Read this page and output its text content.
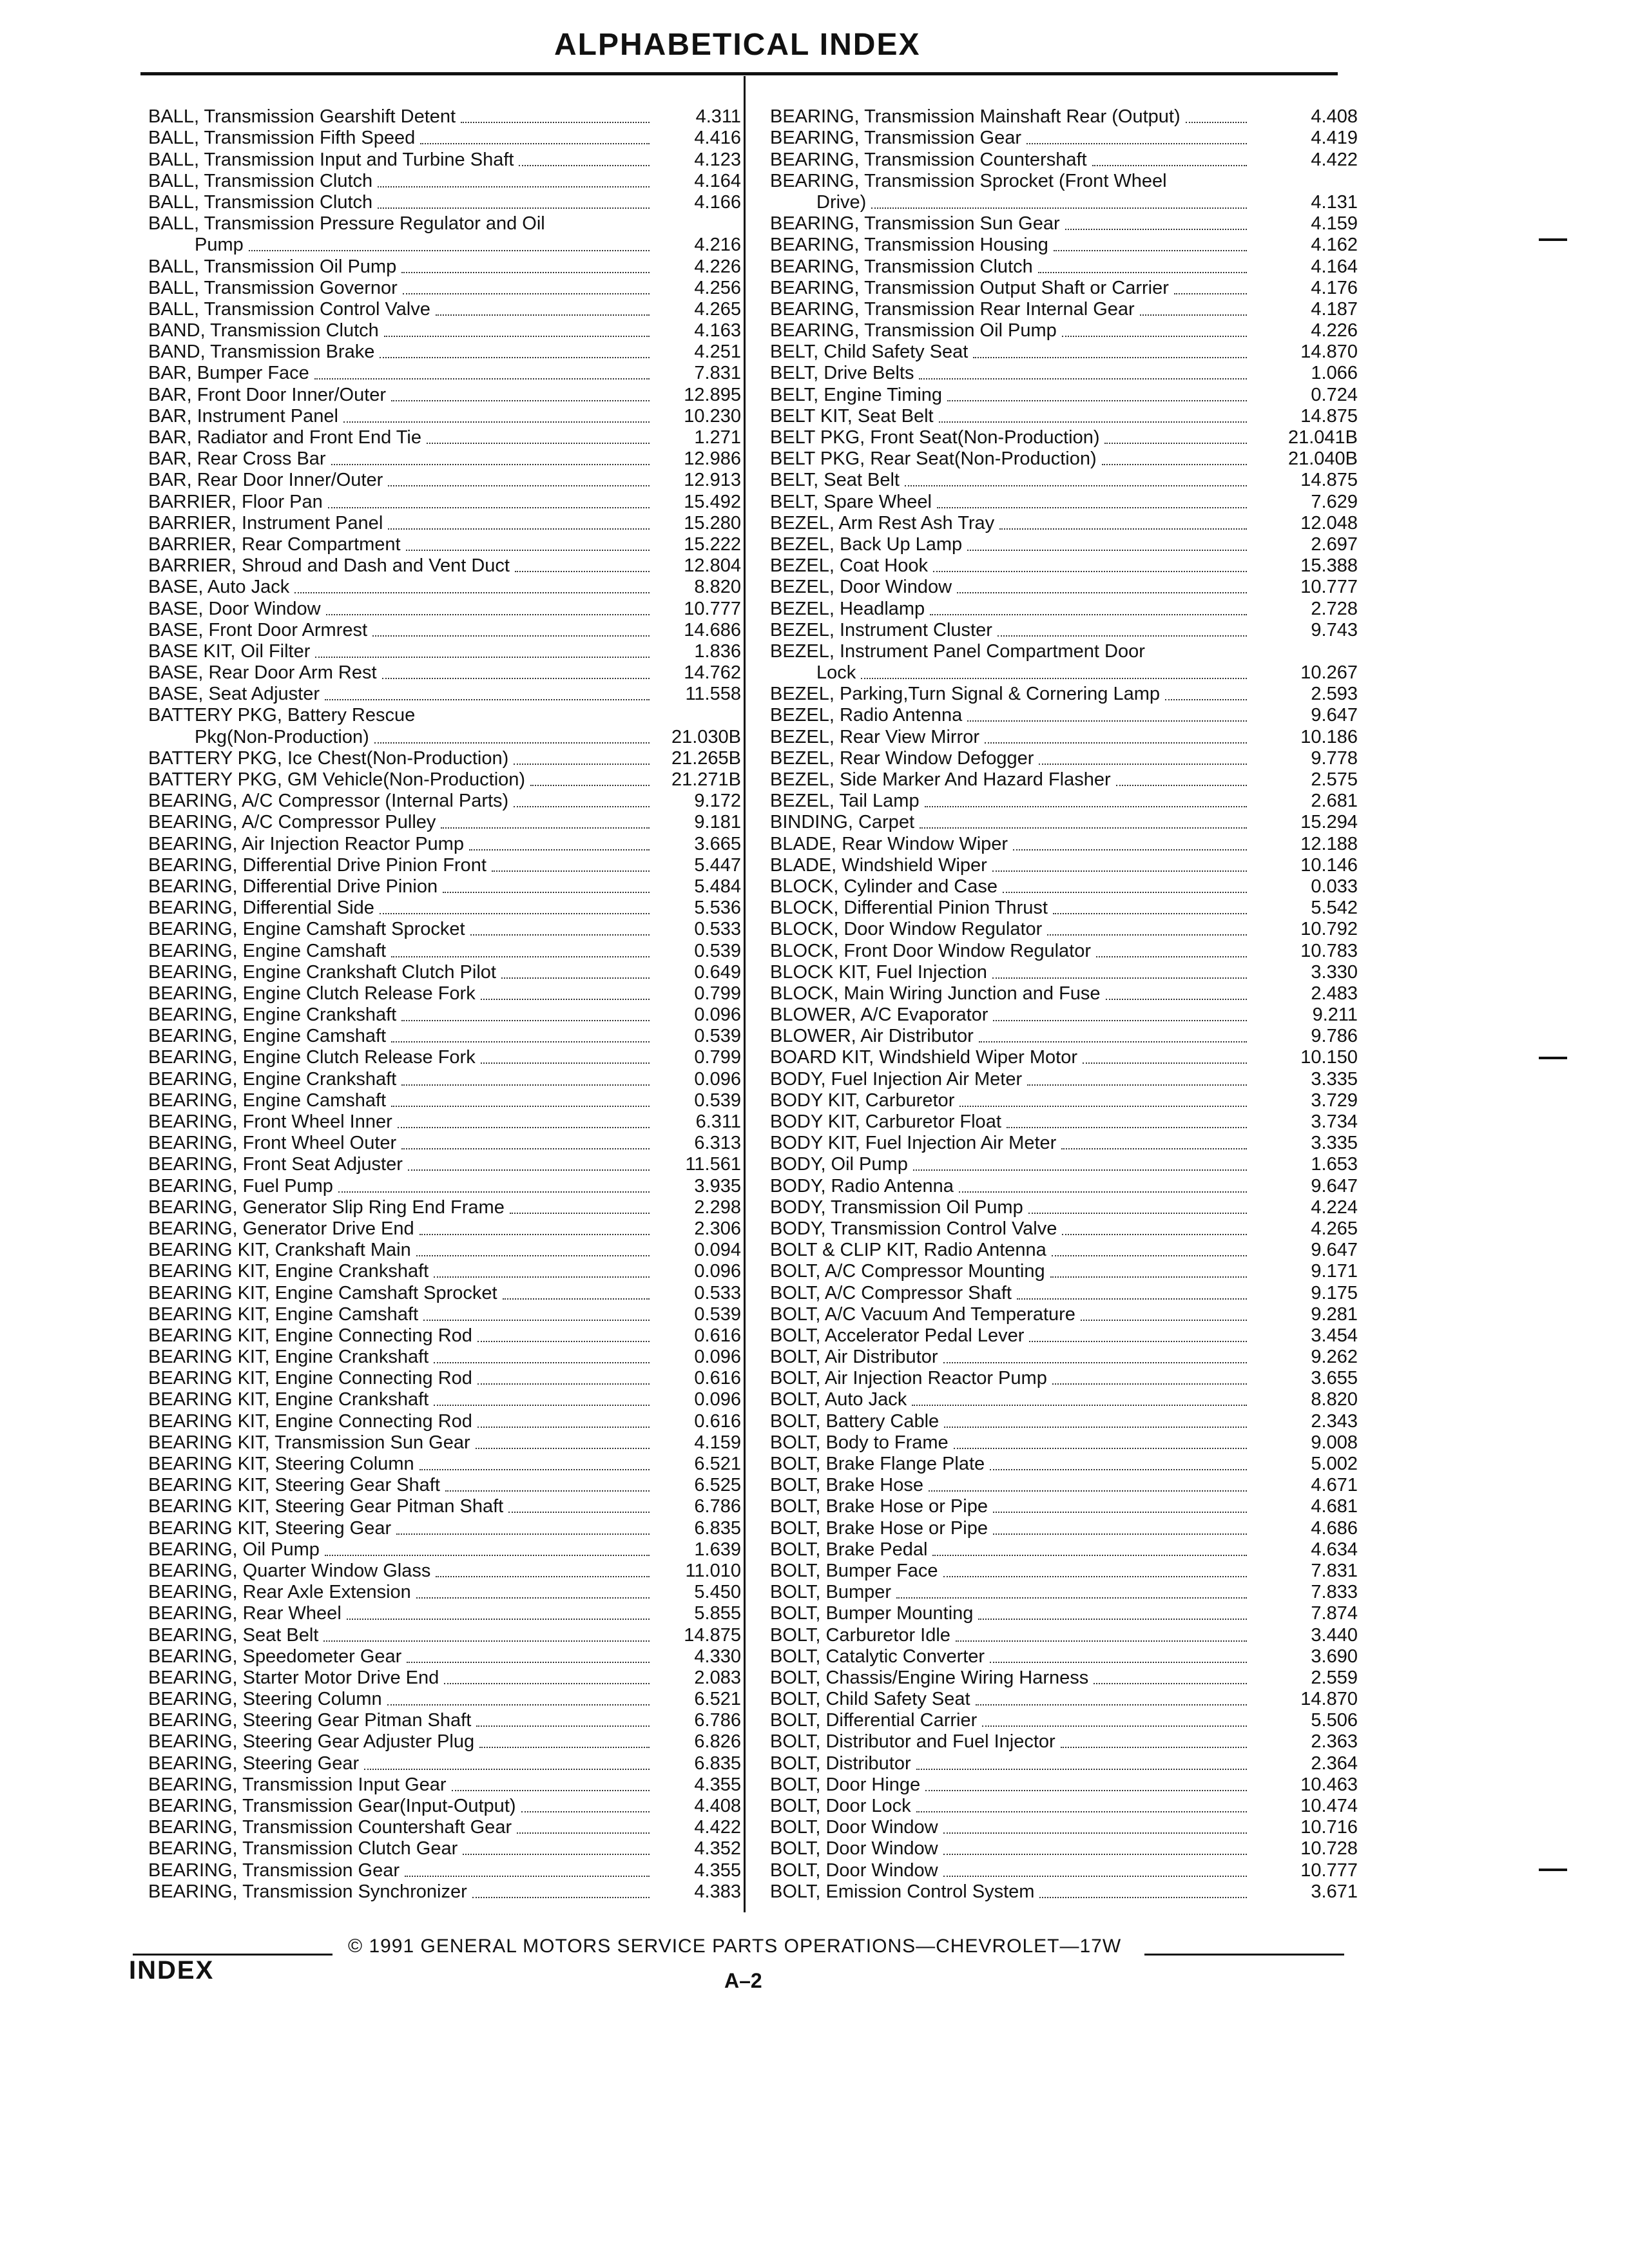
ALPHABETICAL INDEX
BALL, Transmission Gearshift Detent	4.311
BALL, Transmission Fifth Speed	4.416
BALL, Transmission Input and Turbine Shaft	4.123
BALL, Transmission Clutch	4.164
BALL, Transmission Clutch	4.166
BALL, Transmission Pressure Regulator and Oil
Pump	4.216
BALL, Transmission Oil Pump	4.226
BALL, Transmission Governor	4.256
BALL, Transmission Control Valve	4.265
BAND, Transmission Clutch	4.163
BAND, Transmission Brake	4.251
BAR, Bumper Face	7.831
BAR, Front Door Inner/Outer	12.895
BAR, Instrument Panel	10.230
BAR, Radiator and Front End Tie	1.271
BAR, Rear Cross Bar	12.986
BAR, Rear Door Inner/Outer	12.913
BARRIER, Floor Pan	15.492
BARRIER, Instrument Panel	15.280
BARRIER, Rear Compartment	15.222
BARRIER, Shroud and Dash and Vent Duct	12.804
BASE, Auto Jack	8.820
BASE, Door Window	10.777
BASE, Front Door Armrest	14.686
BASE KIT, Oil Filter	1.836
BASE, Rear Door Arm Rest	14.762
BASE, Seat Adjuster	11.558
BATTERY PKG, Battery Rescue
Pkg(Non-Production)	21.030B
BATTERY PKG, Ice Chest(Non-Production)	21.265B
BATTERY PKG, GM Vehicle(Non-Production)	21.271B
BEARING, A/C Compressor (Internal Parts)	9.172
BEARING, A/C Compressor Pulley	9.181
BEARING, Air Injection Reactor Pump	3.665
BEARING, Differential Drive Pinion Front	5.447
BEARING, Differential Drive Pinion	5.484
BEARING, Differential Side	5.536
BEARING, Engine Camshaft Sprocket	0.533
BEARING, Engine Camshaft	0.539
BEARING, Engine Crankshaft Clutch Pilot	0.649
BEARING, Engine Clutch Release Fork	0.799
BEARING, Engine Crankshaft	0.096
BEARING, Engine Camshaft	0.539
BEARING, Engine Clutch Release Fork	0.799
BEARING, Engine Crankshaft	0.096
BEARING, Engine Camshaft	0.539
BEARING, Front Wheel Inner	6.311
BEARING, Front Wheel Outer	6.313
BEARING, Front Seat Adjuster	11.561
BEARING, Fuel Pump	3.935
BEARING, Generator Slip Ring End Frame	2.298
BEARING, Generator Drive End	2.306
BEARING KIT, Crankshaft Main	0.094
BEARING KIT, Engine Crankshaft	0.096
BEARING KIT, Engine Camshaft Sprocket	0.533
BEARING KIT, Engine Camshaft	0.539
BEARING KIT, Engine Connecting Rod	0.616
BEARING KIT, Engine Crankshaft	0.096
BEARING KIT, Engine Connecting Rod	0.616
BEARING KIT, Engine Crankshaft	0.096
BEARING KIT, Engine Connecting Rod	0.616
BEARING KIT, Transmission Sun Gear	4.159
BEARING KIT, Steering Column	6.521
BEARING KIT, Steering Gear Shaft	6.525
BEARING KIT, Steering Gear Pitman Shaft	6.786
BEARING KIT, Steering Gear	6.835
BEARING, Oil Pump	1.639
BEARING, Quarter Window Glass	11.010
BEARING, Rear Axle Extension	5.450
BEARING, Rear Wheel	5.855
BEARING, Seat Belt	14.875
BEARING, Speedometer Gear	4.330
BEARING, Starter Motor Drive End	2.083
BEARING, Steering Column	6.521
BEARING, Steering Gear Pitman Shaft	6.786
BEARING, Steering Gear Adjuster Plug	6.826
BEARING, Steering Gear	6.835
BEARING, Transmission Input Gear	4.355
BEARING, Transmission Gear(Input-Output)	4.408
BEARING, Transmission Countershaft Gear	4.422
BEARING, Transmission Clutch Gear	4.352
BEARING, Transmission Gear	4.355
BEARING, Transmission Synchronizer	4.383
BEARING, Transmission Mainshaft Rear (Output)	4.408
BEARING, Transmission Gear	4.419
BEARING, Transmission Countershaft	4.422
BEARING, Transmission Sprocket (Front Wheel
Drive)	4.131
BEARING, Transmission Sun Gear	4.159
BEARING, Transmission Housing	4.162
BEARING, Transmission Clutch	4.164
BEARING, Transmission Output Shaft or Carrier	4.176
BEARING, Transmission Rear Internal Gear	4.187
BEARING, Transmission Oil Pump	4.226
BELT, Child Safety Seat	14.870
BELT, Drive Belts	1.066
BELT, Engine Timing	0.724
BELT KIT, Seat Belt	14.875
BELT PKG, Front Seat(Non-Production)	21.041B
BELT PKG, Rear Seat(Non-Production)	21.040B
BELT, Seat Belt	14.875
BELT, Spare Wheel	7.629
BEZEL, Arm Rest Ash Tray	12.048
BEZEL, Back Up Lamp	2.697
BEZEL, Coat Hook	15.388
BEZEL, Door Window	10.777
BEZEL, Headlamp	2.728
BEZEL, Instrument Cluster	9.743
BEZEL, Instrument Panel Compartment Door
Lock	10.267
BEZEL, Parking,Turn Signal & Cornering Lamp	2.593
BEZEL, Radio Antenna	9.647
BEZEL, Rear View Mirror	10.186
BEZEL, Rear Window Defogger	9.778
BEZEL, Side Marker And Hazard Flasher	2.575
BEZEL, Tail Lamp	2.681
BINDING, Carpet	15.294
BLADE, Rear Window Wiper	12.188
BLADE, Windshield Wiper	10.146
BLOCK, Cylinder and Case	0.033
BLOCK, Differential Pinion Thrust	5.542
BLOCK, Door Window Regulator	10.792
BLOCK, Front Door Window Regulator	10.783
BLOCK KIT, Fuel Injection	3.330
BLOCK, Main Wiring Junction and Fuse	2.483
BLOWER, A/C Evaporator	9.211
BLOWER, Air Distributor	9.786
BOARD KIT, Windshield Wiper Motor	10.150
BODY, Fuel Injection Air Meter	3.335
BODY KIT, Carburetor	3.729
BODY KIT, Carburetor Float	3.734
BODY KIT, Fuel Injection Air Meter	3.335
BODY, Oil Pump	1.653
BODY, Radio Antenna	9.647
BODY, Transmission Oil Pump	4.224
BODY, Transmission Control Valve	4.265
BOLT & CLIP KIT, Radio Antenna	9.647
BOLT, A/C Compressor Mounting	9.171
BOLT, A/C Compressor Shaft	9.175
BOLT, A/C Vacuum And Temperature	9.281
BOLT, Accelerator Pedal Lever	3.454
BOLT, Air Distributor	9.262
BOLT, Air Injection Reactor Pump	3.655
BOLT, Auto Jack	8.820
BOLT, Battery Cable	2.343
BOLT, Body to Frame	9.008
BOLT, Brake Flange Plate	5.002
BOLT, Brake Hose	4.671
BOLT, Brake Hose or Pipe	4.681
BOLT, Brake Hose or Pipe	4.686
BOLT, Brake Pedal	4.634
BOLT, Bumper Face	7.831
BOLT, Bumper	7.833
BOLT, Bumper Mounting	7.874
BOLT, Carburetor Idle	3.440
BOLT, Catalytic Converter	3.690
BOLT, Chassis/Engine Wiring Harness	2.559
BOLT, Child Safety Seat	14.870
BOLT, Differential Carrier	5.506
BOLT, Distributor and Fuel Injector	2.363
BOLT, Distributor	2.364
BOLT, Door Hinge	10.463
BOLT, Door Lock	10.474
BOLT, Door Window	10.716
BOLT, Door Window	10.728
BOLT, Door Window	10.777
BOLT, Emission Control System	3.671
© 1991 GENERAL MOTORS SERVICE PARTS OPERATIONS—CHEVROLET—17W
INDEX	A–2
